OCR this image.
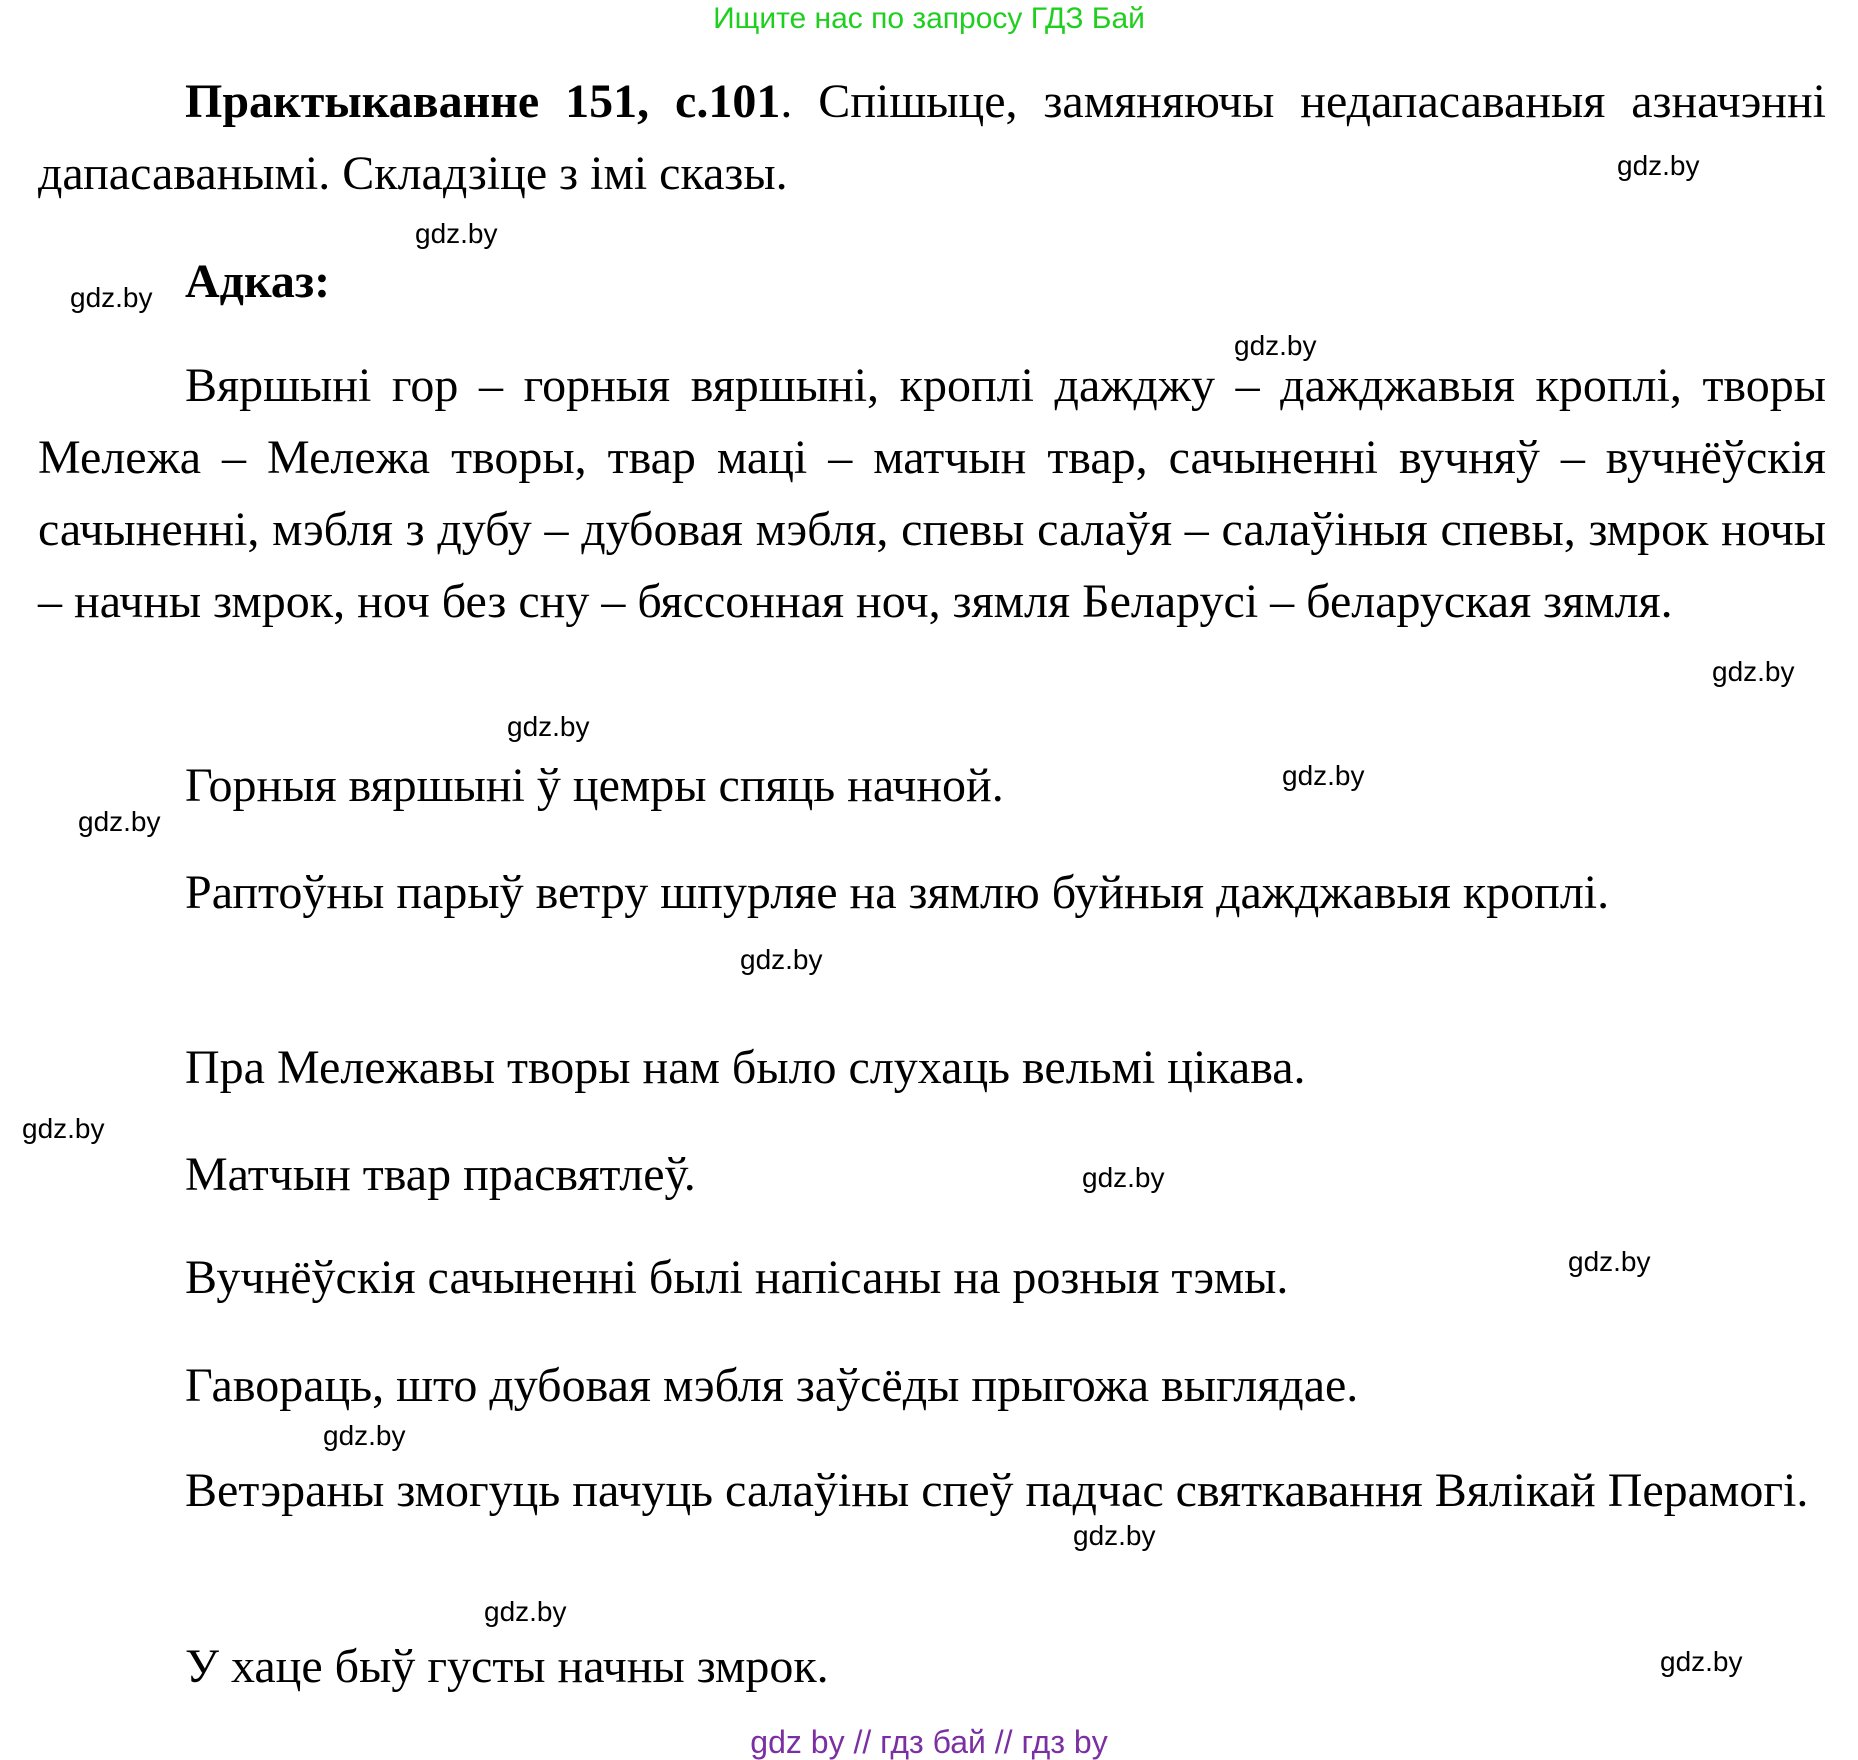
Ищите нас по запросу ГДЗ Бай

Практыкаванне 151, с.101. Спішыце, замяняючы недапасаваныя азначэнні дапасаванымі. Складзіце з імі сказы.

Адказ:

Вяршыні гор – горныя вяршыні, кроплі дажджу – дажджавыя кроплі, творы Мележа – Мележа творы, твар маці – матчын твар, сачыненні вучняў – вучнёўскія сачыненні, мэбля з дубу – дубовая мэбля, спевы салаўя – салаўіныя спевы, змрок ночы – начны змрок, ноч без сну – бяссонная ноч, зямля Беларусі – беларуская зямля.

Горныя вяршыні ў цемры спяць начной.

Раптоўны парыў ветру шпурляе на зямлю буйныя дажджавыя кроплі.

Пра Мележавы творы нам было слухаць вельмі цікава.

Матчын твар прасвятлеў.

Вучнёўскія сачыненні былі напісаны на розныя тэмы.

Гавораць, што дубовая мэбля заўсёды прыгожа выглядае.

Ветэраны змогуць пачуць салаўіны спеў падчас святкавання Вялікай Перамогі.

У хаце быў густы начны змрок.

gdz.by
gdz.by
gdz.by
gdz.by
gdz.by
gdz.by
gdz.by
gdz.by
gdz.by
gdz.by
gdz.by
gdz.by
gdz.by
gdz.by
gdz.by
gdz.by
gdz by // гдз бай // гдз by
